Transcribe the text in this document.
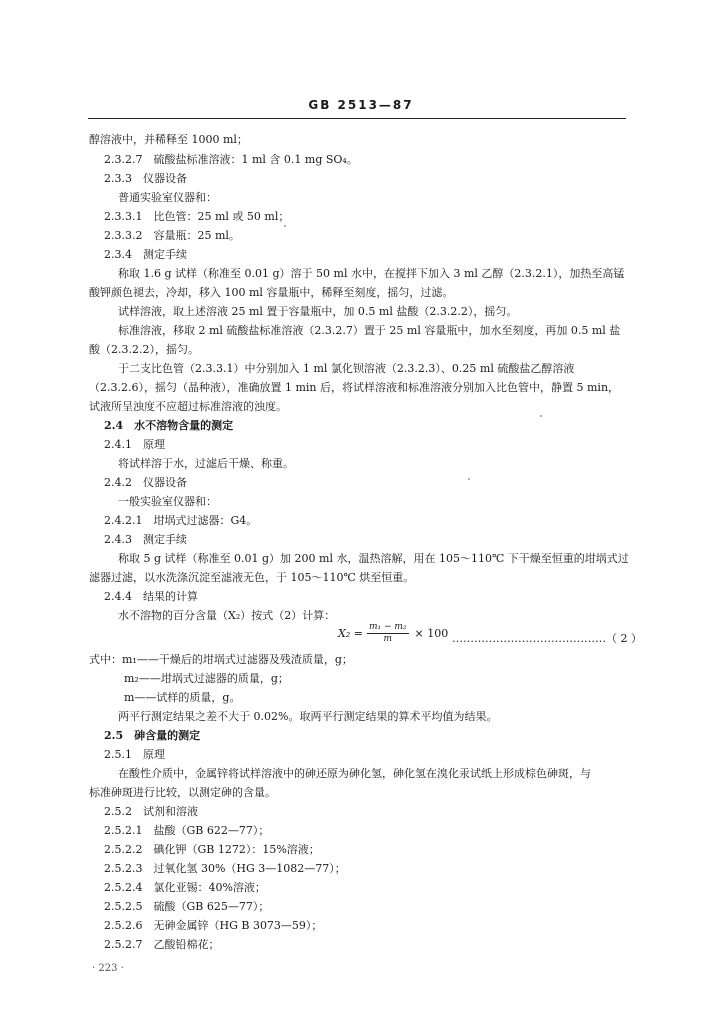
GB 2513—87
醇溶液中，并稀释至 1000 ml；
2.3.2.7　硫酸盐标准溶液：1 ml 含 0.1 mg SO₄。
2.3.3　仪器设备
普通实验室仪器和：
2.3.3.1　比色管：25 ml 或 50 ml；
2.3.3.2　容量瓶：25 ml。
2.3.4　测定手续
称取 1.6 g 试样（称准至 0.01 g）溶于 50 ml 水中，在搅拌下加入 3 ml 乙醇（2.3.2.1），加热至高锰
酸钾颜色褪去，冷却，移入 100 ml 容量瓶中，稀释至刻度，摇匀，过滤。
试样溶液，取上述溶液 25 ml 置于容量瓶中，加 0.5 ml 盐酸（2.3.2.2），摇匀。
标准溶液，移取 2 ml 硫酸盐标准溶液（2.3.2.7）置于 25 ml 容量瓶中，加水至刻度，再加 0.5 ml 盐
酸（2.3.2.2），摇匀。
于二支比色管（2.3.3.1）中分别加入 1 ml 氯化钡溶液（2.3.2.3）、0.25 ml 硫酸盐乙醇溶液
（2.3.2.6），摇匀（晶种液），准确放置 1 min 后，将试样溶液和标准溶液分别加入比色管中，静置 5 min，
试液所呈浊度不应超过标准溶液的浊度。
2.4　水不溶物含量的测定
2.4.1　原理
将试样溶于水，过滤后干燥、称重。
2.4.2　仪器设备
一般实验室仪器和：
2.4.2.1　坩埚式过滤器：G4。
2.4.3　测定手续
称取 5 g 试样（称准至 0.01 g）加 200 ml 水，温热溶解，用在 105～110℃ 下干燥至恒重的坩埚式过
滤器过滤，以水洗涤沉淀至滤液无色，于 105～110℃ 烘至恒重。
2.4.4　结果的计算
水不溶物的百分含量（X₂）按式（2）计算：
$X_2 = \frac{\text{m₁ − m₂}}{m} \times 100$ ……………………………………（ 2 ）
式中：m₁——干燥后的坩埚式过滤器及残渣质量，g；
m₂——坩埚式过滤器的质量，g；
m——试样的质量，g。
两平行测定结果之差不大于 0.02%。取两平行测定结果的算术平均值为结果。
2.5　砷含量的测定
2.5.1　原理
在酸性介质中，金属锌将试样溶液中的砷还原为砷化氢，砷化氢在溴化汞试纸上形成棕色砷斑，与
标准砷斑进行比较，以测定砷的含量。
2.5.2　试剂和溶液
2.5.2.1　盐酸（GB 622—77）；
2.5.2.2　碘化钾（GB 1272）：15%溶液；
2.5.2.3　过氧化氢 30%（HG 3—1082—77）；
2.5.2.4　氯化亚锡：40%溶液；
2.5.2.5　硫酸（GB 625—77）；
2.5.2.6　无砷金属锌（HG B 3073—59）；
2.5.2.7　乙酸铅棉花；
· 223 ·
